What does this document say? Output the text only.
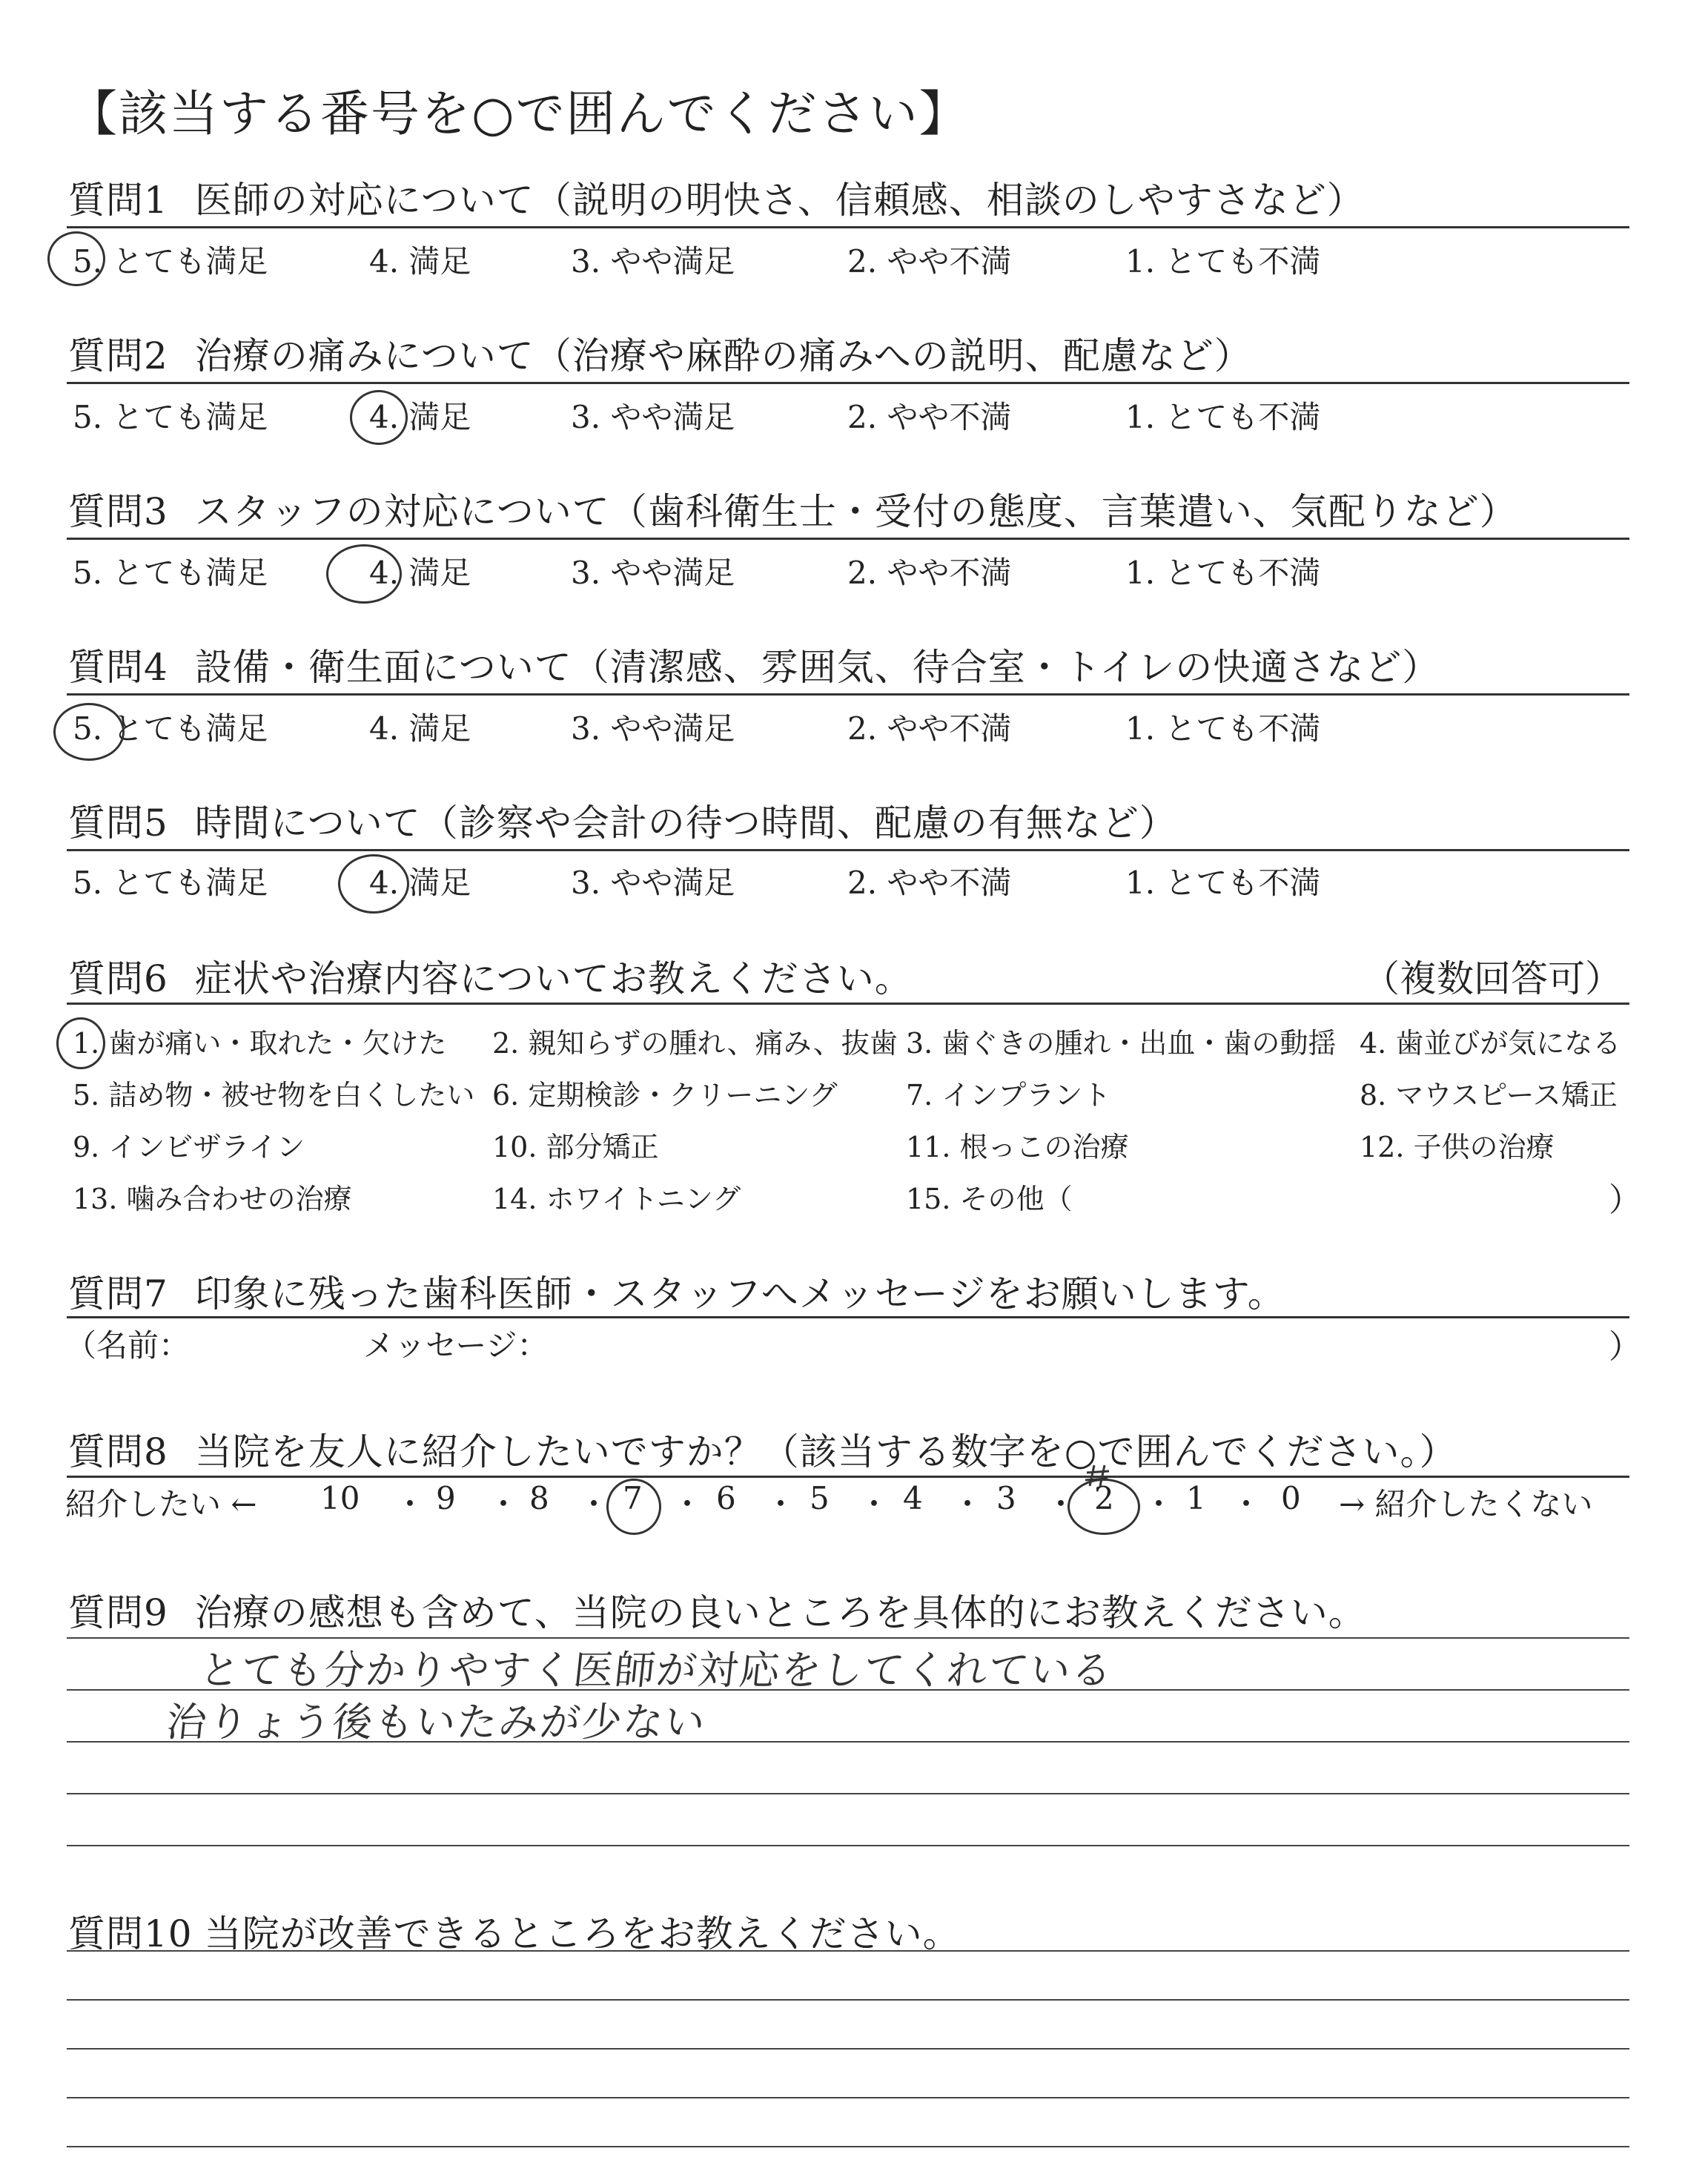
【該当する番号を○で囲んでください】
質問1 医師の対応について（説明の明快さ、信頼感、相談のしやすさなど）
5. とても満足	4. 満足	3. やや満足	2. やや不満	1. とても不満
質問2 治療の痛みについて（治療や麻酔の痛みへの説明、配慮など）
5. とても満足	4. 満足	3. やや満足	2. やや不満	1. とても不満
質問3 スタッフの対応について（歯科衛生士・受付の態度、言葉遣い、気配りなど）
5. とても満足	4. 満足	3. やや満足	2. やや不満	1. とても不満
質問4 設備・衛生面について（清潔感、雰囲気、待合室・トイレの快適さなど）
5. とても満足	4. 満足	3. やや満足	2. やや不満	1. とても不満
質問5 時間について（診察や会計の待つ時間、配慮の有無など）
5. とても満足	4. 満足	3. やや満足	2. やや不満	1. とても不満
質問6 症状や治療内容についてお教えください。	（複数回答可）
1. 歯が痛い・取れた・欠けた 2. 親知らずの腫れ、痛み、抜歯 3. 歯ぐきの腫れ・出血・歯の動揺 4. 歯並びが気になる
5. 詰め物・被せ物を白くしたい 6. 定期検診・クリーニング 7. インプラント	8. マウスピース矯正
9. インビザライン	10. 部分矯正	11. 根っこの治療	12. 子供の治療
13. 噛み合わせの治療	14. ホワイトニング	15. その他（	）
質問7 印象に残った歯科医師・スタッフへメッセージをお願いします。
（名前：	メッセージ：	）
質問8 当院を友人に紹介したいですか？（該当する数字を○で囲んでください。）
紹介したい ← 10 ・ 9 ・ 8 ・ 7 ・ 6 ・ 5 ・ 4 ・ 3 ・ 2 ・ 1 ・ 0 → 紹介したくない
質問9 治療の感想も含めて、当院の良いところを具体的にお教えください。
とても分かりやすく医師が対応をしてくれている
治りょう後もいたみが少ない
質問10 当院が改善できるところをお教えください。
